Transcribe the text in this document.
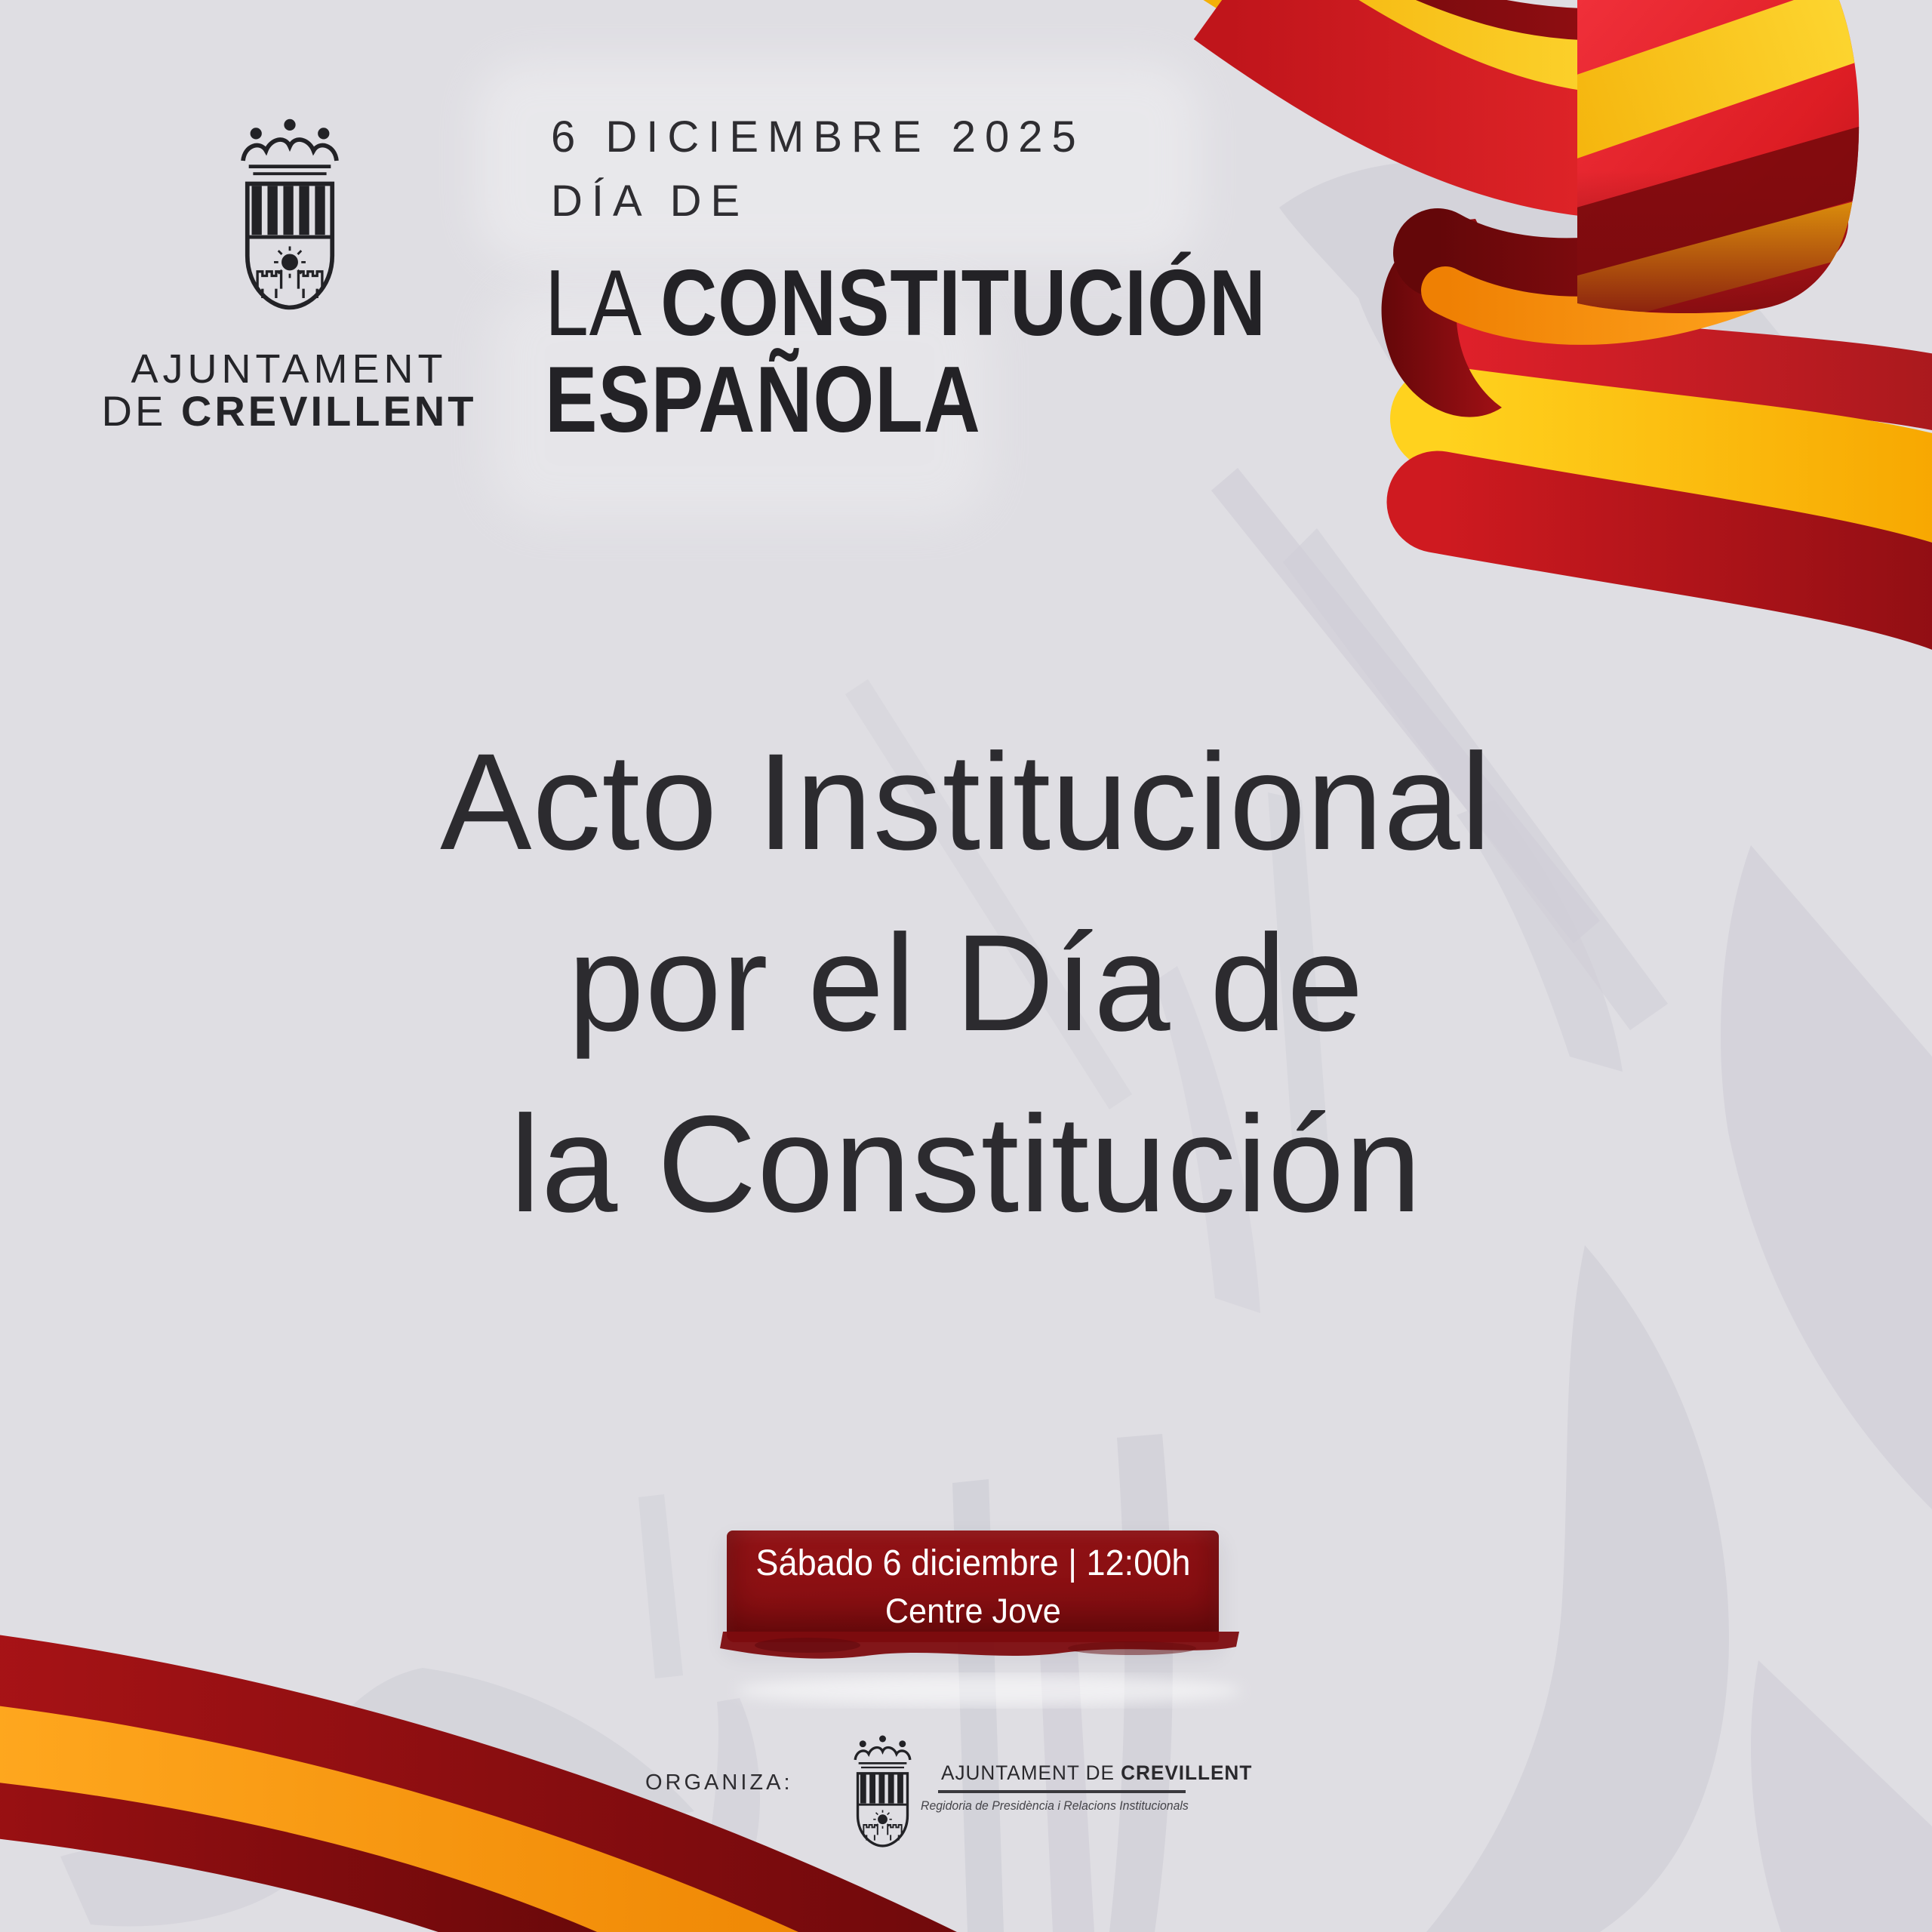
AJUNTAMENT
DE CREVILLENT
6 DICIEMBRE 2025
DÍA DE
LA CONSTITUCIÓN
ESPAÑOLA
Acto Institucional
por el Día de
la Constitución
Sábado 6 diciembre | 12:00h
Centre Jove
ORGANIZA:	AJUNTAMENT DE CREVILLENT
Regidoria de Presidència i Relacions Institucionals
